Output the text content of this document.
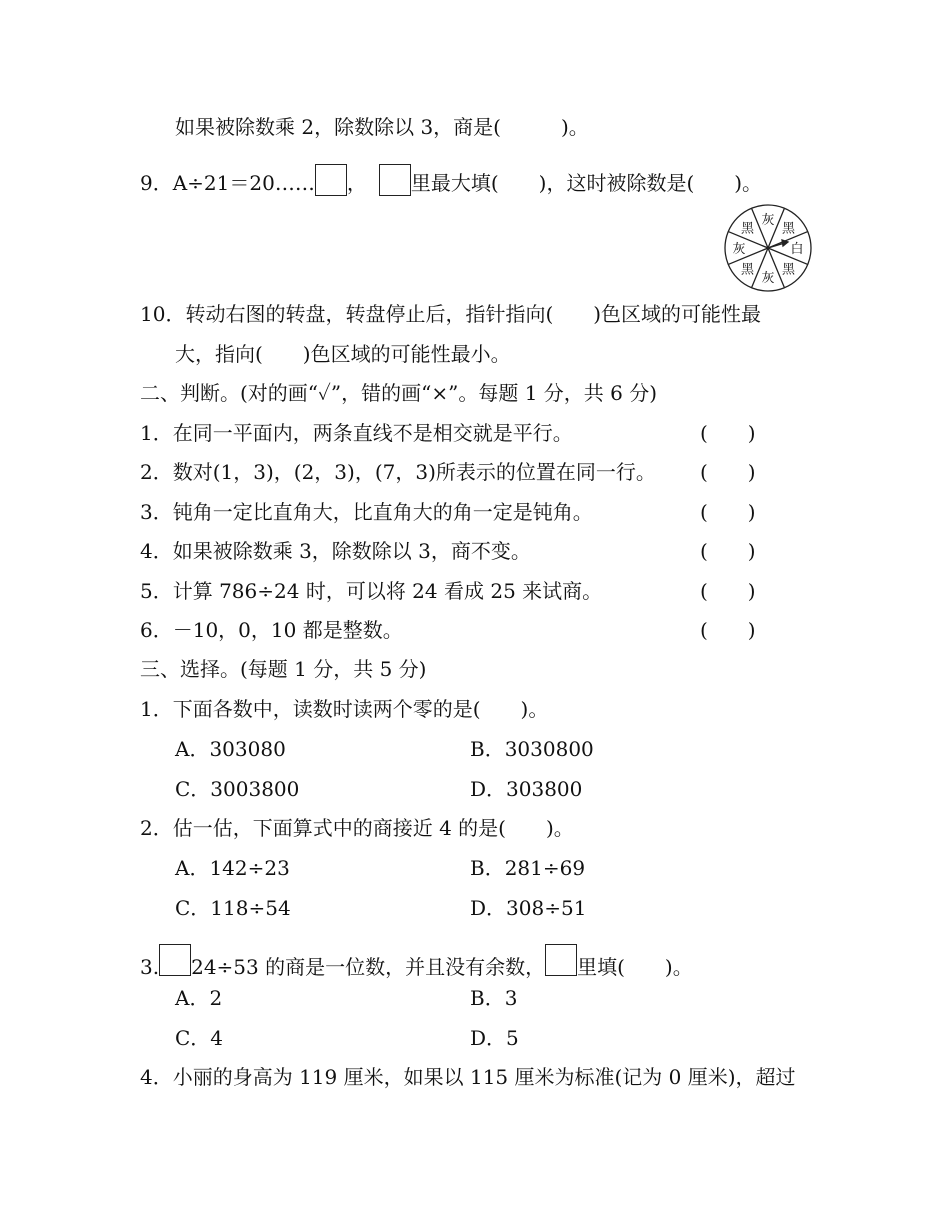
如果被除数乘 2，除数除以 3，商是(　　　)。
9．A÷21＝20…… ， 里最大填(　　)，这时被除数是(　　)。
黑
白
黑
灰
黑
灰
黑
灰
10．转动右图的转盘，转盘停止后，指针指向(　　)色区域的可能性最
大，指向(　　)色区域的可能性最小。
二、判断。(对的画“✓”，错的画“×”。每题 1 分，共 6 分)
1．在同一平面内，两条直线不是相交就是平行。	(　　)
2．数对(1，3)，(2，3)，(7，3)所表示的位置在同一行。 (　　)
3．钝角一定比直角大，比直角大的角一定是钝角。	(　　)
4．如果被除数乘 3，除数除以 3，商不变。	(　　)
5．计算 786÷24 时，可以将 24 看成 25 来试商。	(　　)
6．－10，0，10 都是整数。	(　　)
三、选择。(每题 1 分，共 5 分)
1．下面各数中，读数时读两个零的是(　　)。
A．303080	B．3030800
C．3003800	D．303800
2．估一估，下面算式中的商接近 4 的是(　　)。
A．142÷23	B．281÷69
C．118÷54	D．308÷51
3. 24÷53 的商是一位数，并且没有余数， 里填(　　)。
A．2	B．3
C．4	D．5
4．小丽的身高为 119 厘米，如果以 115 厘米为标准(记为 0 厘米)，超过
